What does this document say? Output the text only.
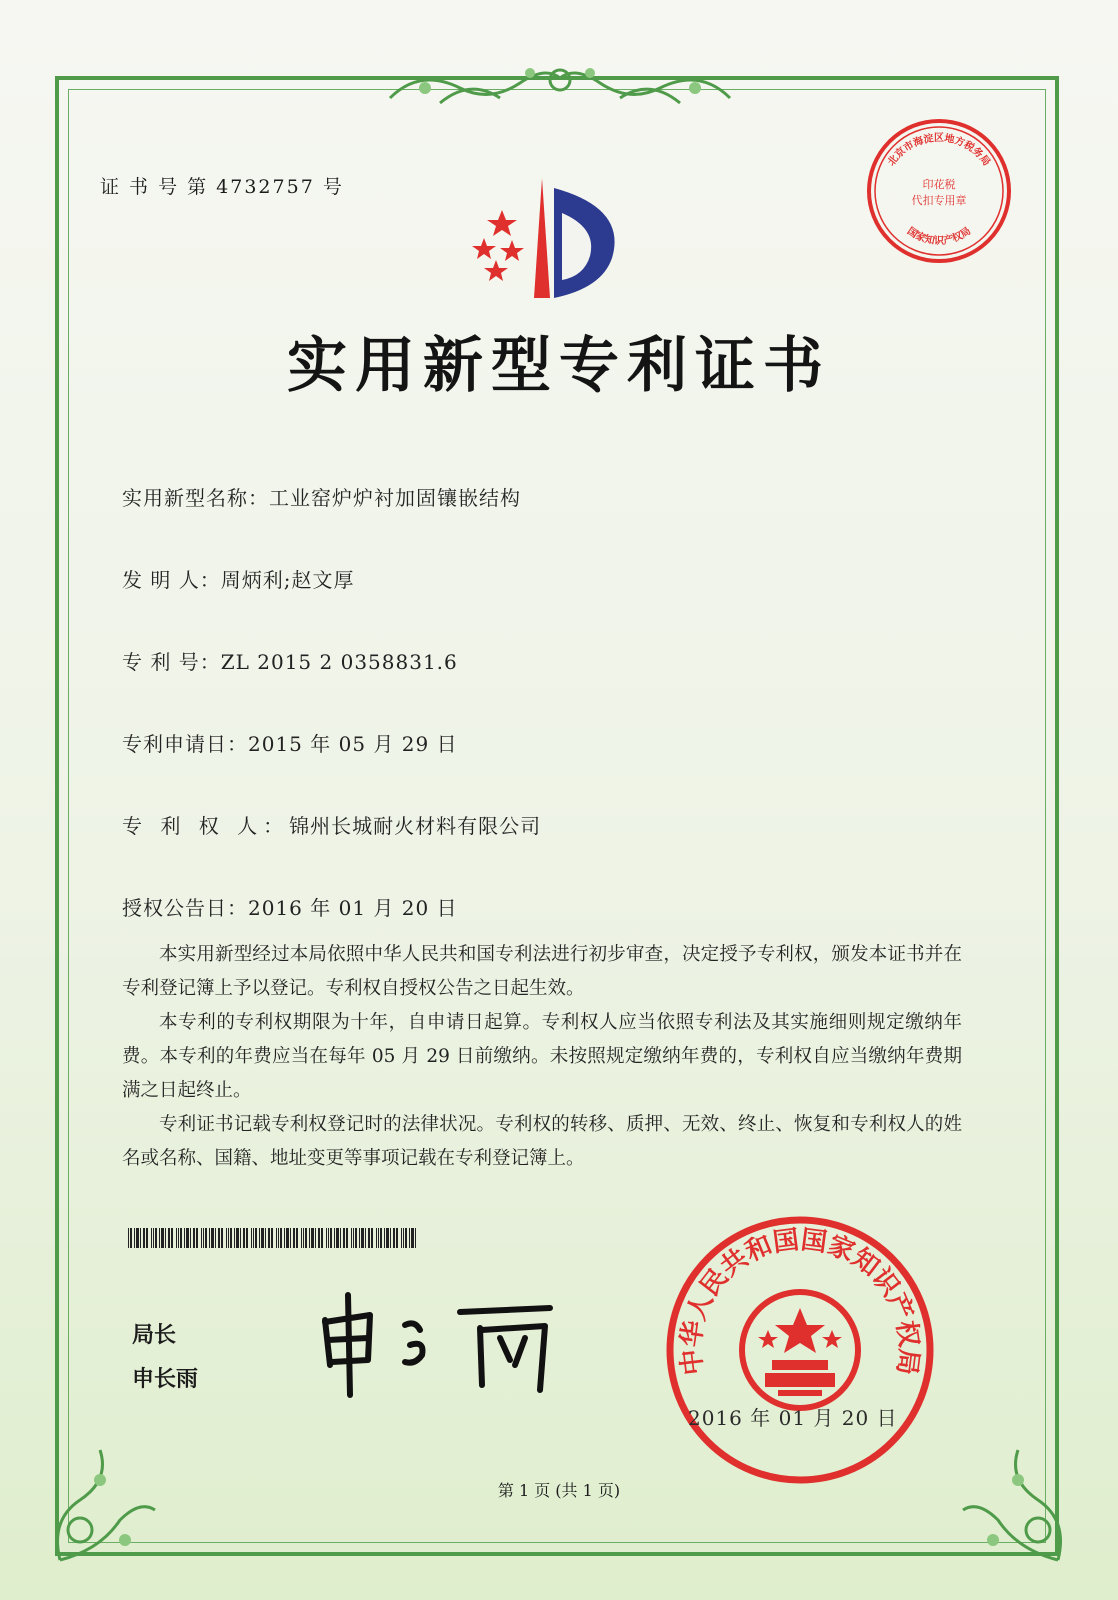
证 书 号 第 4732757 号
北京市海淀区地方税务局
国家知识产权局
印花税
代扣专用章
实用新型专利证书
实用新型名称：工业窑炉炉衬加固镶嵌结构
发 明 人：周炳利;赵文厚
专 利 号：ZL 2015 2 0358831.6
专利申请日：2015 年 05 月 29 日
专 利 权 人：锦州长城耐火材料有限公司
授权公告日：2016 年 01 月 20 日

本实用新型经过本局依照中华人民共和国专利法进行初步审查，决定授予专利权，颁发本证书并在专利登记簿上予以登记。专利权自授权公告之日起生效。

本专利的专利权期限为十年，自申请日起算。专利权人应当依照专利法及其实施细则规定缴纳年费。本专利的年费应当在每年 05 月 29 日前缴纳。未按照规定缴纳年费的，专利权自应当缴纳年费期满之日起终止。

专利证书记载专利权登记时的法律状况。专利权的转移、质押、无效、终止、恢复和专利权人的姓名或名称、国籍、地址变更等事项记载在专利登记簿上。

局长
申长雨
中华人民共和国国家知识产权局
2016 年 01 月 20 日
第 1 页 (共 1 页)
